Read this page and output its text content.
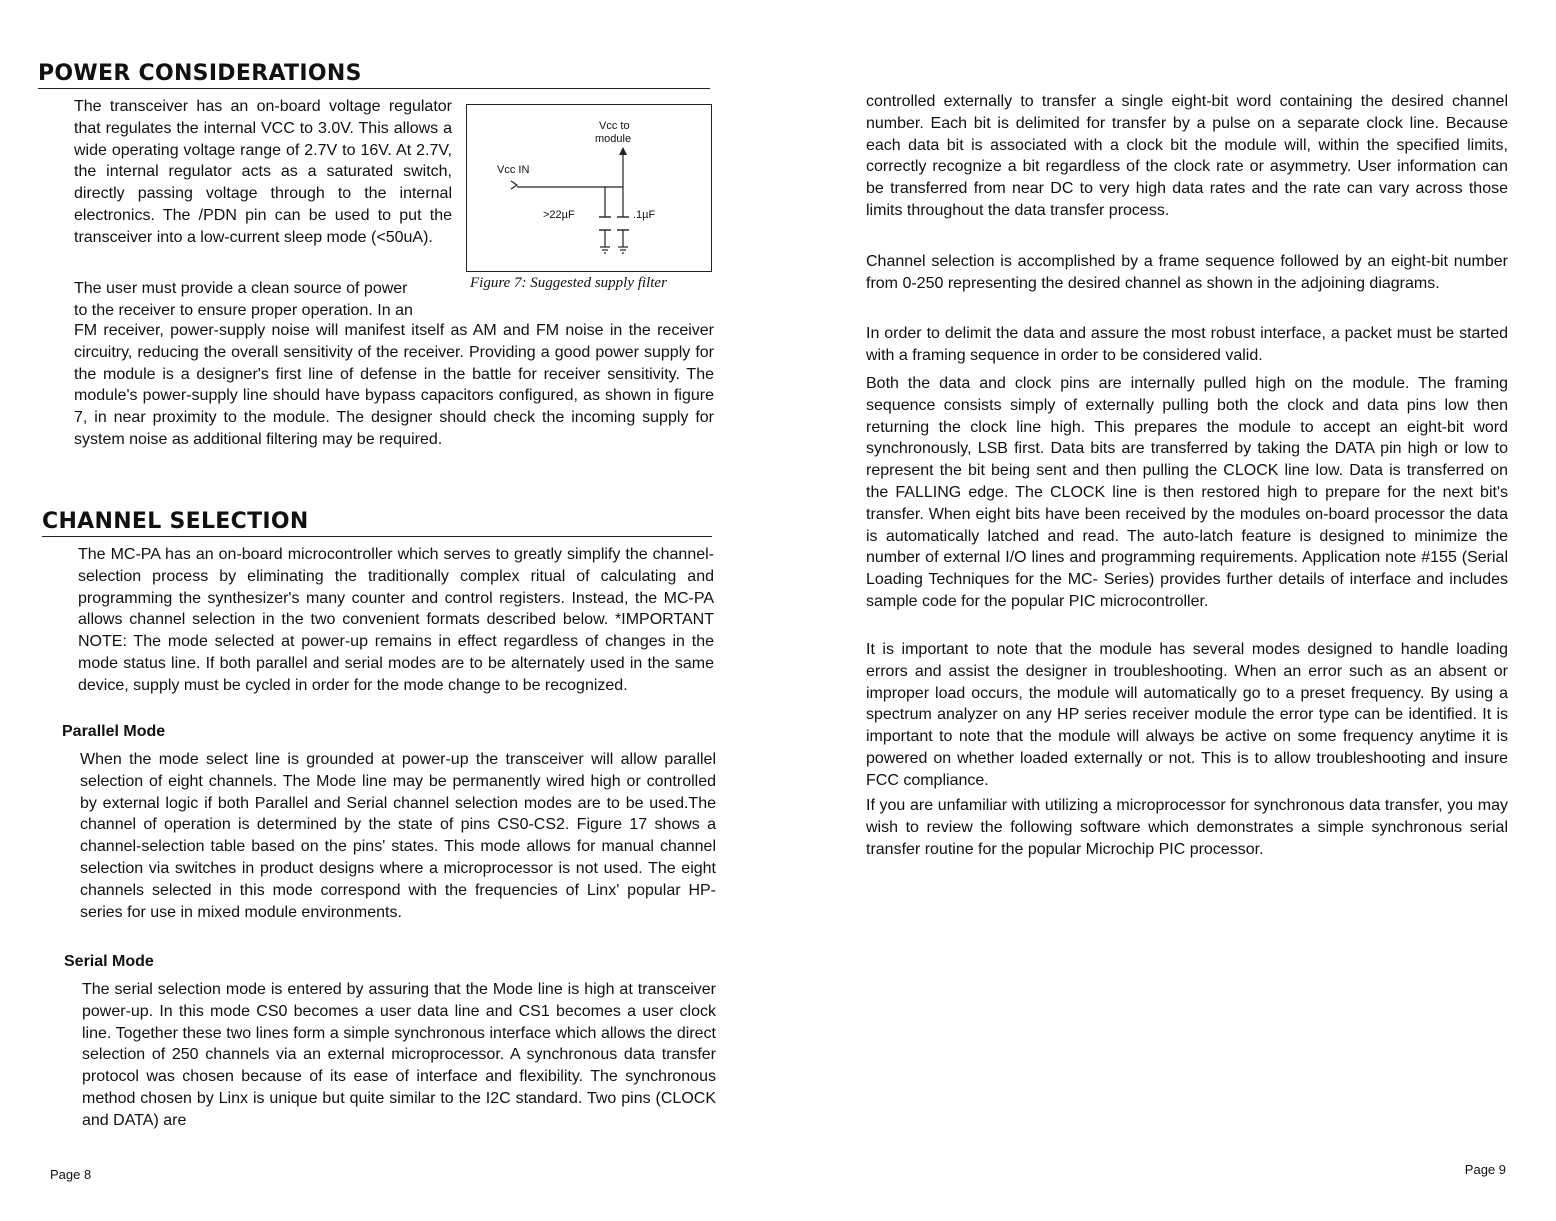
POWER CONSIDERATIONS

The transceiver has an on-board voltage regulator that regulates the internal VCC to 3.0V. This allows a wide operating voltage range of 2.7V to 16V. At 2.7V, the internal regulator acts as a saturated switch, directly passing voltage through to the internal electronics. The /PDN pin can be used to put the transceiver into a low-current sleep mode (<50uA).

Vcc to
module
Vcc IN
>22µF	.1µF
Figure 7: Suggested supply filter

The user must provide a clean source of power

to the receiver to ensure proper operation. In an

FM receiver, power-supply noise will manifest itself as AM and FM noise in the receiver circuitry, reducing the overall sensitivity of the receiver. Providing a good power supply for the module is a designer's first line of defense in the battle for receiver sensitivity. The module's power-supply line should have bypass capacitors configured, as shown in figure 7, in near proximity to the module. The designer should check the incoming supply for system noise as additional filtering may be required.

CHANNEL SELECTION

The MC-PA has an on-board microcontroller which serves to greatly simplify the channel-selection process by eliminating the traditionally complex ritual of calculating and programming the synthesizer's many counter and control registers. Instead, the MC-PA allows channel selection in the two convenient formats described below. *IMPORTANT NOTE: The mode selected at power-up remains in effect regardless of changes in the mode status line. If both parallel and serial modes are to be alternately used in the same device, supply must be cycled in order for the mode change to be recognized.

Parallel Mode

When the mode select line is grounded at power-up the transceiver will allow parallel selection of eight channels. The Mode line may be permanently wired high or controlled by external logic if both Parallel and Serial channel selection modes are to be used.The channel of operation is determined by the state of pins CS0-CS2. Figure 17 shows a channel-selection table based on the pins' states. This mode allows for manual channel selection via switches in product designs where a microprocessor is not used. The eight channels selected in this mode correspond with the frequencies of Linx' popular HP-series for use in mixed module environments.

Serial Mode

The serial selection mode is entered by assuring that the Mode line is high at transceiver power-up. In this mode CS0 becomes a user data line and CS1 becomes a user clock line. Together these two lines form a simple synchronous interface which allows the direct selection of 250 channels via an external microprocessor. A synchronous data transfer protocol was chosen because of its ease of interface and flexibility. The synchronous method chosen by Linx is unique but quite similar to the I2C standard. Two pins (CLOCK and DATA) are

Page 8

controlled externally to transfer a single eight-bit word containing the desired channel number. Each bit is delimited for transfer by a pulse on a separate clock line. Because each data bit is associated with a clock bit the module will, within the specified limits, correctly recognize a bit regardless of the clock rate or asymmetry. User information can be transferred from near DC to very high data rates and the rate can vary across those limits throughout the data transfer process.

Channel selection is accomplished by a frame sequence followed by an eight-bit number from 0-250 representing the desired channel as shown in the adjoining diagrams.

In order to delimit the data and assure the most robust interface, a packet must be started with a framing sequence in order to be considered valid.

Both the data and clock pins are internally pulled high on the module. The framing sequence consists simply of externally pulling both the clock and data pins low then returning the clock line high. This prepares the module to accept an eight-bit word synchronously, LSB first. Data bits are transferred by taking the DATA pin high or low to represent the bit being sent and then pulling the CLOCK line low. Data is transferred on the FALLING edge. The CLOCK line is then restored high to prepare for the next bit's transfer. When eight bits have been received by the modules on-board processor the data is automatically latched and read. The auto-latch feature is designed to minimize the number of external I/O lines and programming requirements. Application note #155 (Serial Loading Techniques for the MC- Series) provides further details of interface and includes sample code for the popular PIC microcontroller.

It is important to note that the module has several modes designed to handle loading errors and assist the designer in troubleshooting. When an error such as an absent or improper load occurs, the module will automatically go to a preset frequency. By using a spectrum analyzer on any HP series receiver module the error type can be identified. It is important to note that the module will always be active on some frequency anytime it is powered on whether loaded externally or not. This is to allow troubleshooting and insure FCC compliance.

If you are unfamiliar with utilizing a microprocessor for synchronous data transfer, you may wish to review the following software which demonstrates a simple synchronous serial transfer routine for the popular Microchip PIC processor.

Page 9
